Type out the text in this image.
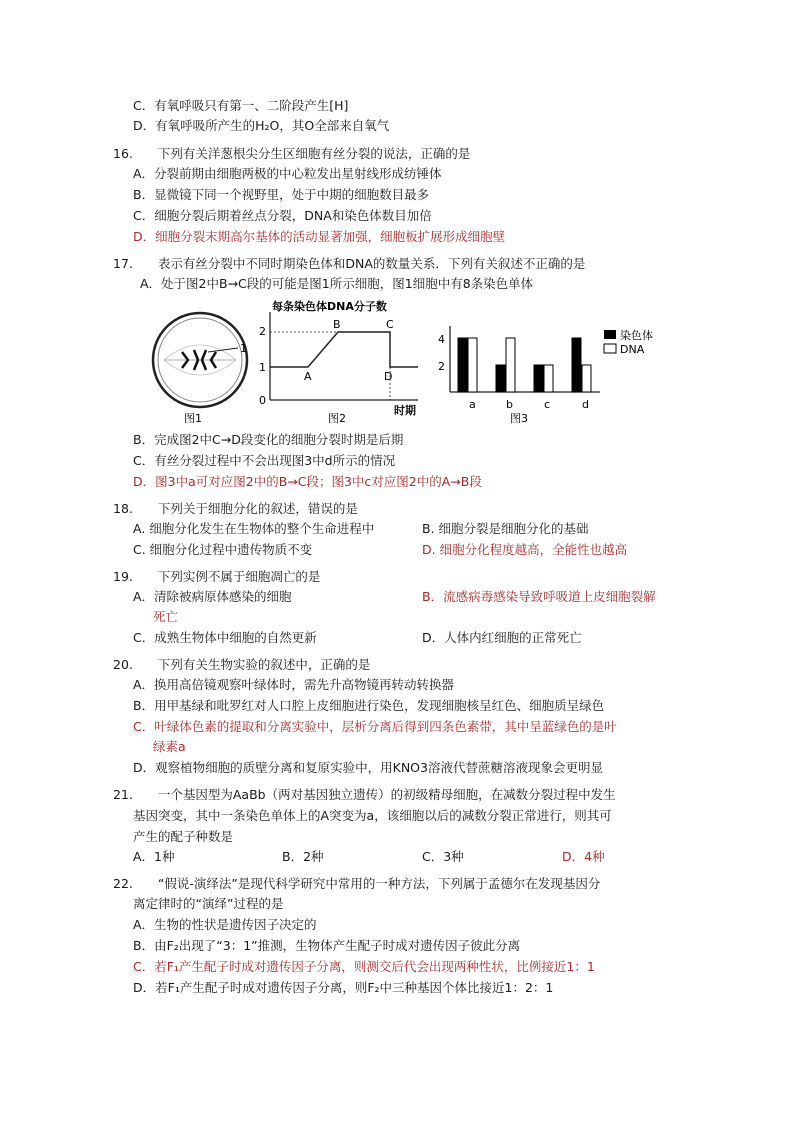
C．有氧呼吸只有第一、二阶段产生[H]
D．有氧呼吸所产生的H₂O，其O全部来自氧气
16.　　下列有关洋葱根尖分生区细胞有丝分裂的说法，正确的是
A．分裂前期由细胞两极的中心粒发出星射线形成纺锤体
B．显微镜下同一个视野里，处于中期的细胞数目最多
C．细胞分裂后期着丝点分裂，DNA和染色体数目加倍
D．细胞分裂末期高尔基体的活动显著加强，细胞板扩展形成细胞壁
17.　　表示有丝分裂中不同时期染色体和DNA的数量关系．下列有关叙述不正确的是
A．处于图2中B→C段的可能是图1所示细胞，图1细胞中有8条染色单体
1
图1
每条染色体DNA分子数
0
1
2
A
B	C
D
图2
时期
4
2
a	b	c	d
染色体
DNA
图3
B．完成图2中C→D段变化的细胞分裂时期是后期
C．有丝分裂过程中不会出现图3中d所示的情况
D．图3中a可对应图2中的B→C段；图3中c对应图2中的A→B段
18.　　下列关于细胞分化的叙述，错误的是
A. 细胞分化发生在生物体的整个生命进程中	B. 细胞分裂是细胞分化的基础
C. 细胞分化过程中遗传物质不变	D. 细胞分化程度越高，全能性也越高
19.　　下列实例不属于细胞凋亡的是
A．清除被病原体感染的细胞	B．流感病毒感染导致呼吸道上皮细胞裂解
死亡
C．成熟生物体中细胞的自然更新	D．人体内红细胞的正常死亡
20.　　下列有关生物实验的叙述中，正确的是
A．换用高倍镜观察叶绿体时，需先升高物镜再转动转换器
B．用甲基绿和吡罗红对人口腔上皮细胞进行染色，发现细胞核呈红色、细胞质呈绿色
C．叶绿体色素的提取和分离实验中，层析分离后得到四条色素带，其中呈蓝绿色的是叶
绿素a
D．观察植物细胞的质壁分离和复原实验中，用KNO3溶液代替蔗糖溶液现象会更明显
21.　　一个基因型为AaBb（两对基因独立遗传）的初级精母细胞，在减数分裂过程中发生
基因突变，其中一条染色单体上的A突变为a，该细胞以后的减数分裂正常进行，则其可
产生的配子种数是
A．1种	B．2种	C．3种	D．4种
22.　　“假说-演绎法”是现代科学研究中常用的一种方法，下列属于孟德尔在发现基因分
离定律时的“演绎”过程的是
A．生物的性状是遗传因子决定的
B．由F₂出现了“3：1”推测，生物体产生配子时成对遗传因子彼此分离
C．若F₁产生配子时成对遗传因子分离，则测交后代会出现两种性状，比例接近1：1
D．若F₁产生配子时成对遗传因子分离，则F₂中三种基因个体比接近1：2：1
